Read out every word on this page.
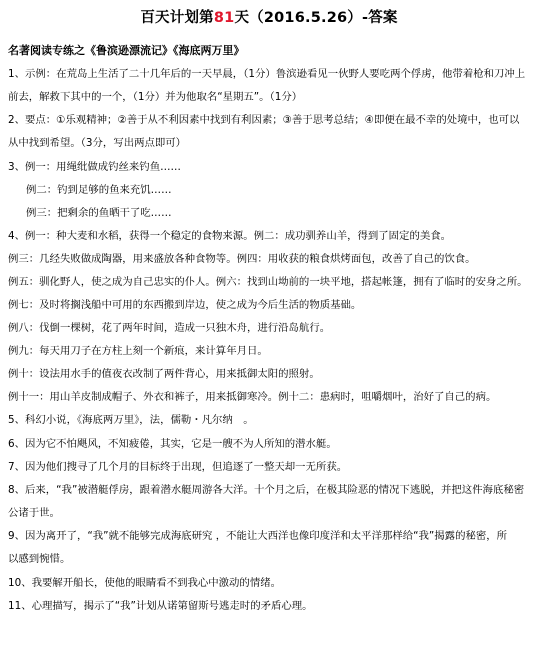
百天计划第81天（2016.5.26）-答案
名著阅读专练之《鲁滨逊漂流记》《海底两万里》
1、示例：在荒岛上生活了二十几年后的一天早晨，（1分）鲁滨逊看见一伙野人要吃两个俘虏，他带着枪和刀冲上
前去，解救下其中的一个，（1分）并为他取名“星期五”。（1分）
2、要点：①乐观精神；②善于从不利因素中找到有利因素；③善于思考总结；④即便在最不幸的处境中，也可以
从中找到希望。（3分，写出两点即可）
3、例一：用绳纰做成钓丝来钓鱼……
例二：钓到足够的鱼来充饥……
例三：把剩余的鱼晒干了吃……
4、例一：种大麦和水稻，获得一个稳定的食物来源。例二：成功驯养山羊，得到了固定的美食。
例三：几经失败做成陶器，用来盛放各种食物等。例四：用收获的粮食烘烤面包，改善了自己的饮食。
例五：驯化野人，使之成为自己忠实的仆人。例六：找到山坳前的一块平地，搭起帐篷，拥有了临时的安身之所。
例七：及时将搁浅船中可用的东西搬到岸边，使之成为今后生活的物质基础。
例八：伐倒一棵树，花了两年时间，造成一只独木舟，进行沿岛航行。
例九：每天用刀子在方柱上刻一个新痕，来计算年月日。
例十：设法用水手的值夜衣改制了两件背心，用来抵御太阳的照射。
例十一：用山羊皮制成帽子、外衣和裤子，用来抵御寒冷。例十二：患病时，咀嚼烟叶，治好了自己的病。
5、科幻小说，《海底两万里》，法，儒勒・凡尔纳　。
6、因为它不怕飓风，不知疲倦，其实，它是一艘不为人所知的潜水艇。
7、因为他们搜寻了几个月的目标终于出现，但追逐了一整天却一无所获。
8、后来，“我”被潜艇俘房，跟着潜水艇周游各大洋。十个月之后，在极其险恶的情况下逃脱，并把这件海底秘密
公诸于世。
9、因为离开了，“我”就不能够完成海底研究 ，不能让大西洋也像印度洋和太平洋那样给“我”揭露的秘密，所
以感到惋惜。
10、我要解开船长，使他的眼睛看不到我心中激动的情绪。
11、心理描写，揭示了“我”计划从诺第留斯号逃走时的矛盾心理。
